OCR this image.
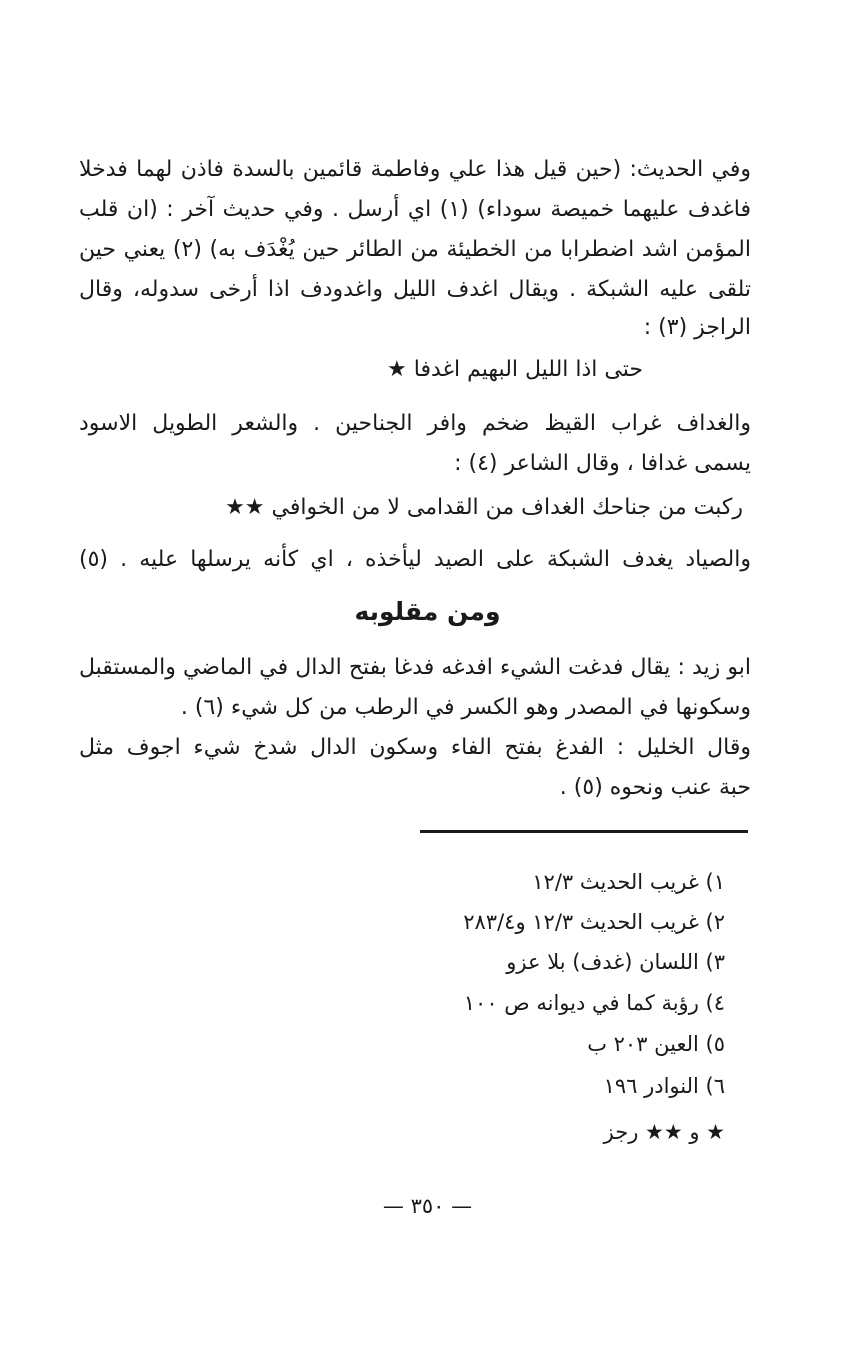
وفي الحديث: (حين قيل هذا علي وفاطمة قائمين بالسدة فاذن لهما فدخلا
فاغدف عليهما خميصة سوداء) (١) اي أرسل . وفي حديث آخر : (ان قلب
المؤمن اشد اضطرابا من الخطيئة من الطائر حين يُغْدَف به) (٢) يعني حين
تلقى عليه الشبكة . ويقال اغدف الليل واغدودف اذا أرخى سدوله، وقال
الراجز (٣) :
حتى اذا الليل البهيم اغدفا ★
والغداف غراب القيظ ضخم وافر الجناحين . والشعر الطويل الاسود
يسمى غدافا ، وقال الشاعر (٤) :
ركبت من جناحك الغداف من القدامى لا من الخوافي ★★
والصياد يغدف الشبكة على الصيد ليأخذه ، اي كأنه يرسلها عليه . (٥)
ومن مقلوبه
ابو زيد : يقال فدغت الشيء افدغه فدغا بفتح الدال في الماضي والمستقبل
وسكونها في المصدر وهو الكسر في الرطب من كل شيء (٦) .
وقال الخليل : الفدغ بفتح الفاء وسكون الدال شدخ شيء اجوف مثل
حبة عنب ونحوه (٥) .
١) غريب الحديث ١٢/٣
٢) غريب الحديث ١٢/٣ و٢٨٣/٤
٣) اللسان (غدف) بلا عزو
٤) رؤبة كما في ديوانه ص ١٠٠
٥) العين ٢٠٣ ب
٦) النوادر ١٩٦
★ و ★★ رجز
— ٣٥٠ —
